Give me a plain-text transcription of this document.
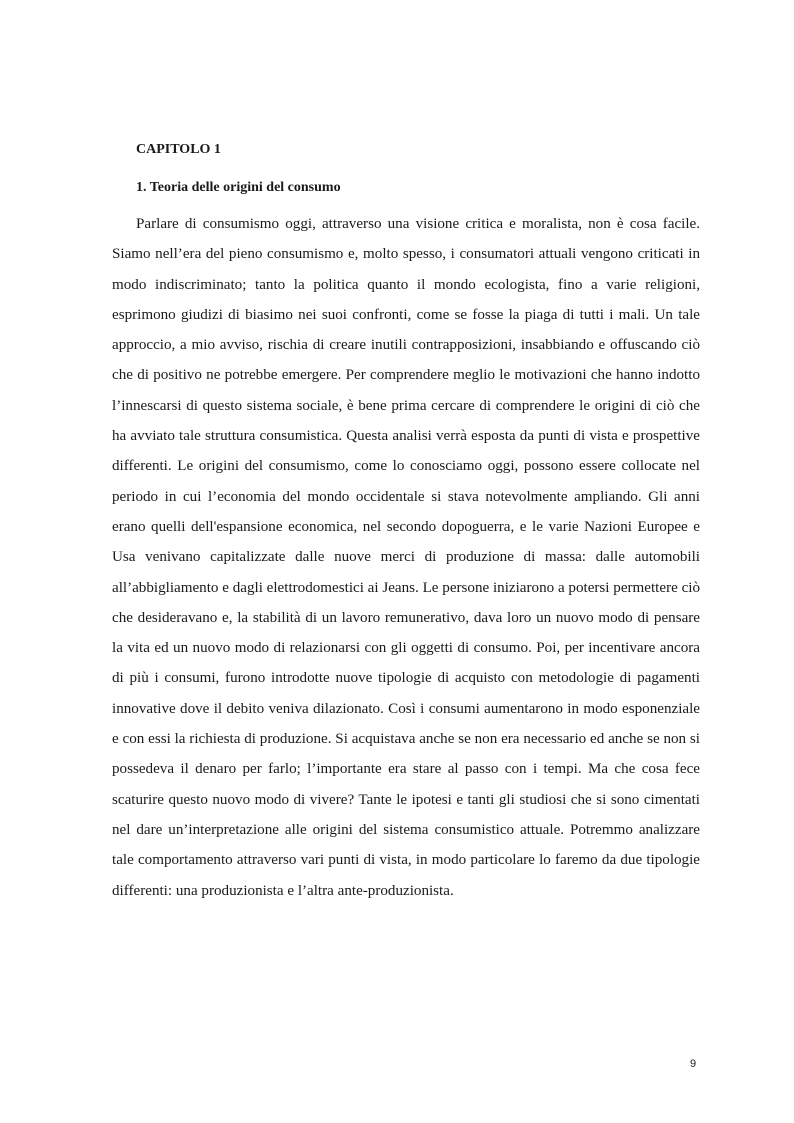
CAPITOLO 1

1. Teoria delle origini del consumo

Parlare di consumismo oggi, attraverso una visione critica e moralista, non è cosa facile. Siamo nell’era del pieno consumismo e, molto spesso, i consumatori attuali vengono criticati in modo indiscriminato; tanto la politica quanto il mondo ecologista, fino a varie religioni, esprimono giudizi di biasimo nei suoi confronti, come se fosse la piaga di tutti i mali. Un tale approccio, a mio avviso, rischia di creare inutili contrapposizioni, insabbiando e offuscando ciò che di positivo ne potrebbe emergere. Per comprendere meglio le motivazioni che hanno indotto l’innescarsi di questo sistema sociale, è bene prima cercare di comprendere le origini di ciò che ha avviato tale struttura consumistica. Questa analisi verrà esposta da punti di vista e prospettive differenti. Le origini del consumismo, come lo conosciamo oggi, possono essere collocate nel periodo in cui l’economia del mondo occidentale si stava notevolmente ampliando. Gli anni erano quelli dell'espansione economica, nel secondo dopoguerra, e le varie Nazioni Europee e Usa venivano capitalizzate dalle nuove merci di produzione di massa: dalle automobili all’abbigliamento e dagli elettrodomestici ai Jeans. Le persone iniziarono a potersi permettere ciò che desideravano e, la stabilità di un lavoro remunerativo, dava loro un nuovo modo di pensare la vita ed un nuovo modo di relazionarsi con gli oggetti di consumo. Poi, per incentivare ancora di più i consumi, furono introdotte nuove tipologie di acquisto con metodologie di pagamenti innovative dove il debito veniva dilazionato. Così i consumi aumentarono in modo esponenziale e con essi la richiesta di produzione. Si acquistava anche se non era necessario ed anche se non si possedeva il denaro per farlo; l’importante era stare al passo con i tempi. Ma che cosa fece scaturire questo nuovo modo di vivere? Tante le ipotesi e tanti gli studiosi che si sono cimentati nel dare un’interpretazione alle origini del sistema consumistico attuale. Potremmo analizzare tale comportamento attraverso vari punti di vista, in modo particolare lo faremo da due tipologie differenti: una produzionista e l’altra ante-produzionista.

9
